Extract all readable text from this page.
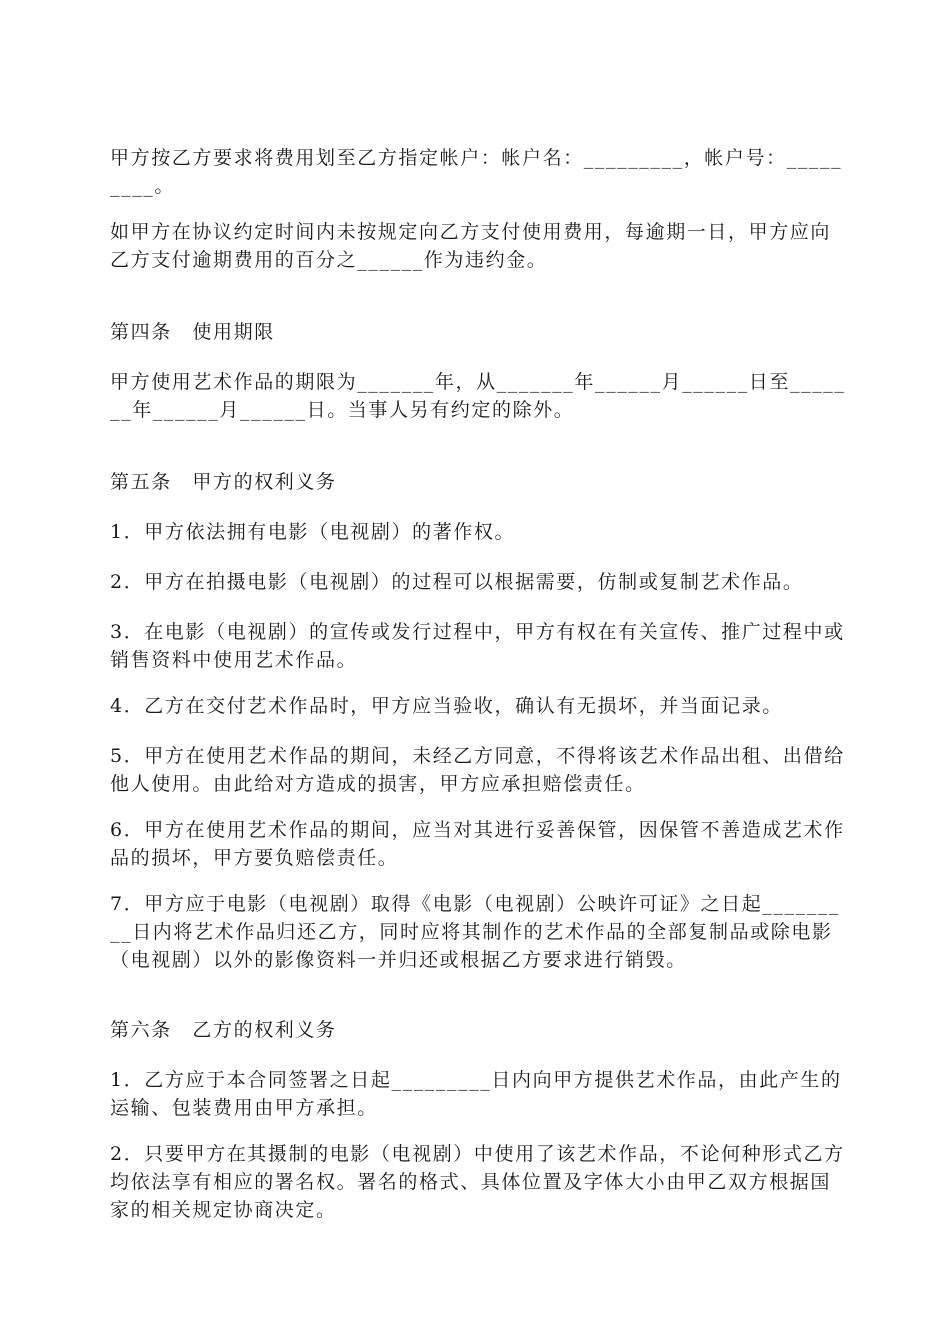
甲方按乙方要求将费用划至乙方指定帐户：帐户名：_________，帐户号：_________。

如甲方在协议约定时间内未按规定向乙方支付使用费用，每逾期一日，甲方应向乙方支付逾期费用的百分之______作为违约金。

第四条　使用期限

甲方使用艺术作品的期限为_______年，从_______年______月______日至_______年______月______日。当事人另有约定的除外。

第五条　甲方的权利义务

1．甲方依法拥有电影（电视剧）的著作权。

2．甲方在拍摄电影（电视剧）的过程可以根据需要，仿制或复制艺术作品。

3．在电影（电视剧）的宣传或发行过程中，甲方有权在有关宣传、推广过程中或销售资料中使用艺术作品。

4．乙方在交付艺术作品时，甲方应当验收，确认有无损坏，并当面记录。

5．甲方在使用艺术作品的期间，未经乙方同意，不得将该艺术作品出租、出借给他人使用。由此给对方造成的损害，甲方应承担赔偿责任。

6．甲方在使用艺术作品的期间，应当对其进行妥善保管，因保管不善造成艺术作品的损坏，甲方要负赔偿责任。

7．甲方应于电影（电视剧）取得《电影（电视剧）公映许可证》之日起_________日内将艺术作品归还乙方，同时应将其制作的艺术作品的全部复制品或除电影（电视剧）以外的影像资料一并归还或根据乙方要求进行销毁。

第六条　乙方的权利义务

1．乙方应于本合同签署之日起_________日内向甲方提供艺术作品，由此产生的运输、包装费用由甲方承担。

2．只要甲方在其摄制的电影（电视剧）中使用了该艺术作品，不论何种形式乙方均依法享有相应的署名权。署名的格式、具体位置及字体大小由甲乙双方根据国家的相关规定协商决定。
